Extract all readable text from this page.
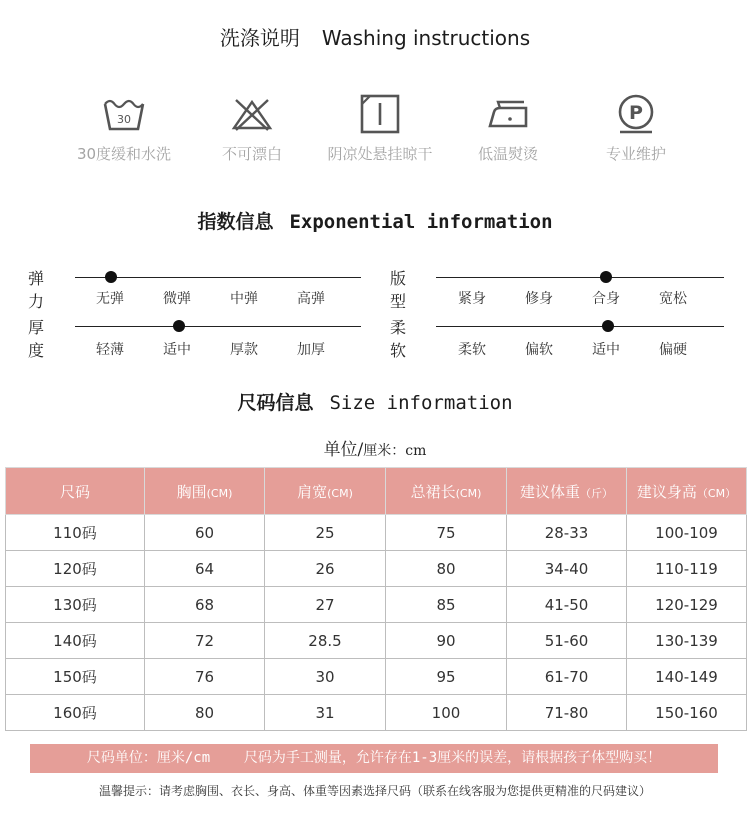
洗涤说明 Washing instructions
30
30度缓和水洗	不可漂白	阴凉处悬挂晾干	低温熨烫
P
专业维护
指数信息 Exponential information
弹力	无弹	微弹	中弹	高弹
版型	紧身	修身	合身	宽松
厚度	轻薄	适中	厚款	加厚
柔软	柔软	偏软	适中	偏硬
尺码信息 Size information
单位/厘米：cm
尺码	胸围(CM)	肩宽(CM)	总裙长(CM)	建议体重（斤）	建议身高（CM）
110码	60	25	75	28-33	100-109
120码	64	26	80	34-40	110-119
130码	68	27	85	41-50	120-129
140码	72	28.5	90	51-60	130-139
150码	76	30	95	61-70	140-149
160码	80	31	100	71-80	150-160
尺码单位：厘米/cm    尺码为手工测量，允许存在1-3厘米的误差，请根据孩子体型购买！
温馨提示：请考虑胸围、衣长、身高、体重等因素选择尺码（联系在线客服为您提供更精准的尺码建议）
